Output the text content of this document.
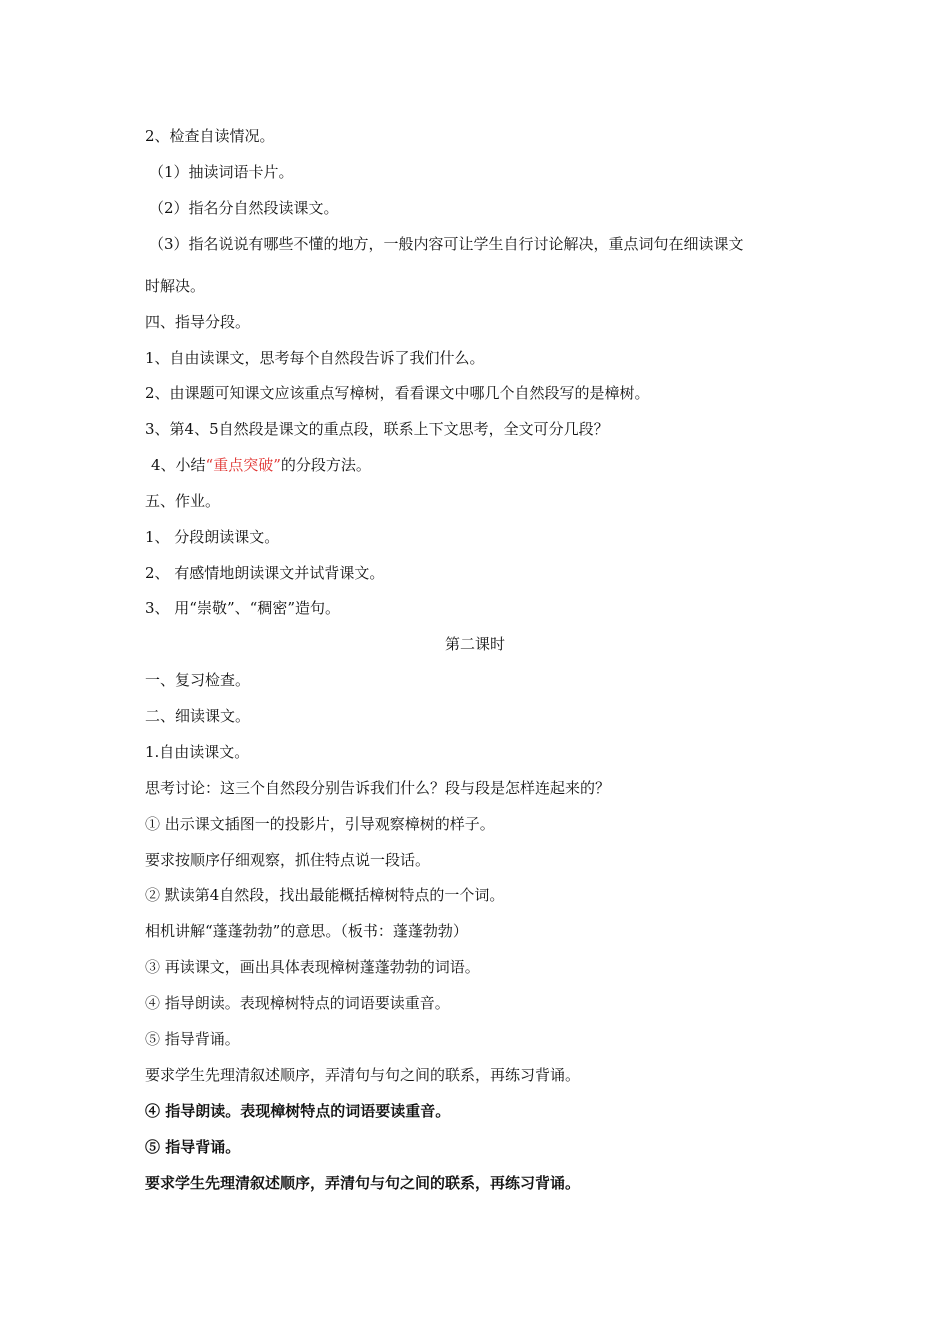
2、检查自读情况。
（1）抽读词语卡片。
（2）指名分自然段读课文。
（3）指名说说有哪些不懂的地方，一般内容可让学生自行讨论解决，重点词句在细读课文
时解决。
四、指导分段。
1、自由读课文，思考每个自然段告诉了我们什么。
2、由课题可知课文应该重点写樟树，看看课文中哪几个自然段写的是樟树。
3、第4、5自然段是课文的重点段，联系上下文思考，全文可分几段？
4、小结“重点突破”的分段方法。
五、作业。
1、 分段朗读课文。
2、 有感情地朗读课文并试背课文。
3、 用“崇敬”、“稠密”造句。
第二课时
一、复习检查。
二、细读课文。
1.自由读课文。
思考讨论：这三个自然段分别告诉我们什么？段与段是怎样连起来的？
① 出示课文插图一的投影片，引导观察樟树的样子。
要求按顺序仔细观察，抓住特点说一段话。
② 默读第4自然段，找出最能概括樟树特点的一个词。
相机讲解“蓬蓬勃勃”的意思。（板书：蓬蓬勃勃）
③ 再读课文，画出具体表现樟树蓬蓬勃勃的词语。
④ 指导朗读。表现樟树特点的词语要读重音。
⑤ 指导背诵。
要求学生先理清叙述顺序，弄清句与句之间的联系，再练习背诵。
④ 指导朗读。表现樟树特点的词语要读重音。
⑤ 指导背诵。
要求学生先理清叙述顺序，弄清句与句之间的联系，再练习背诵。
